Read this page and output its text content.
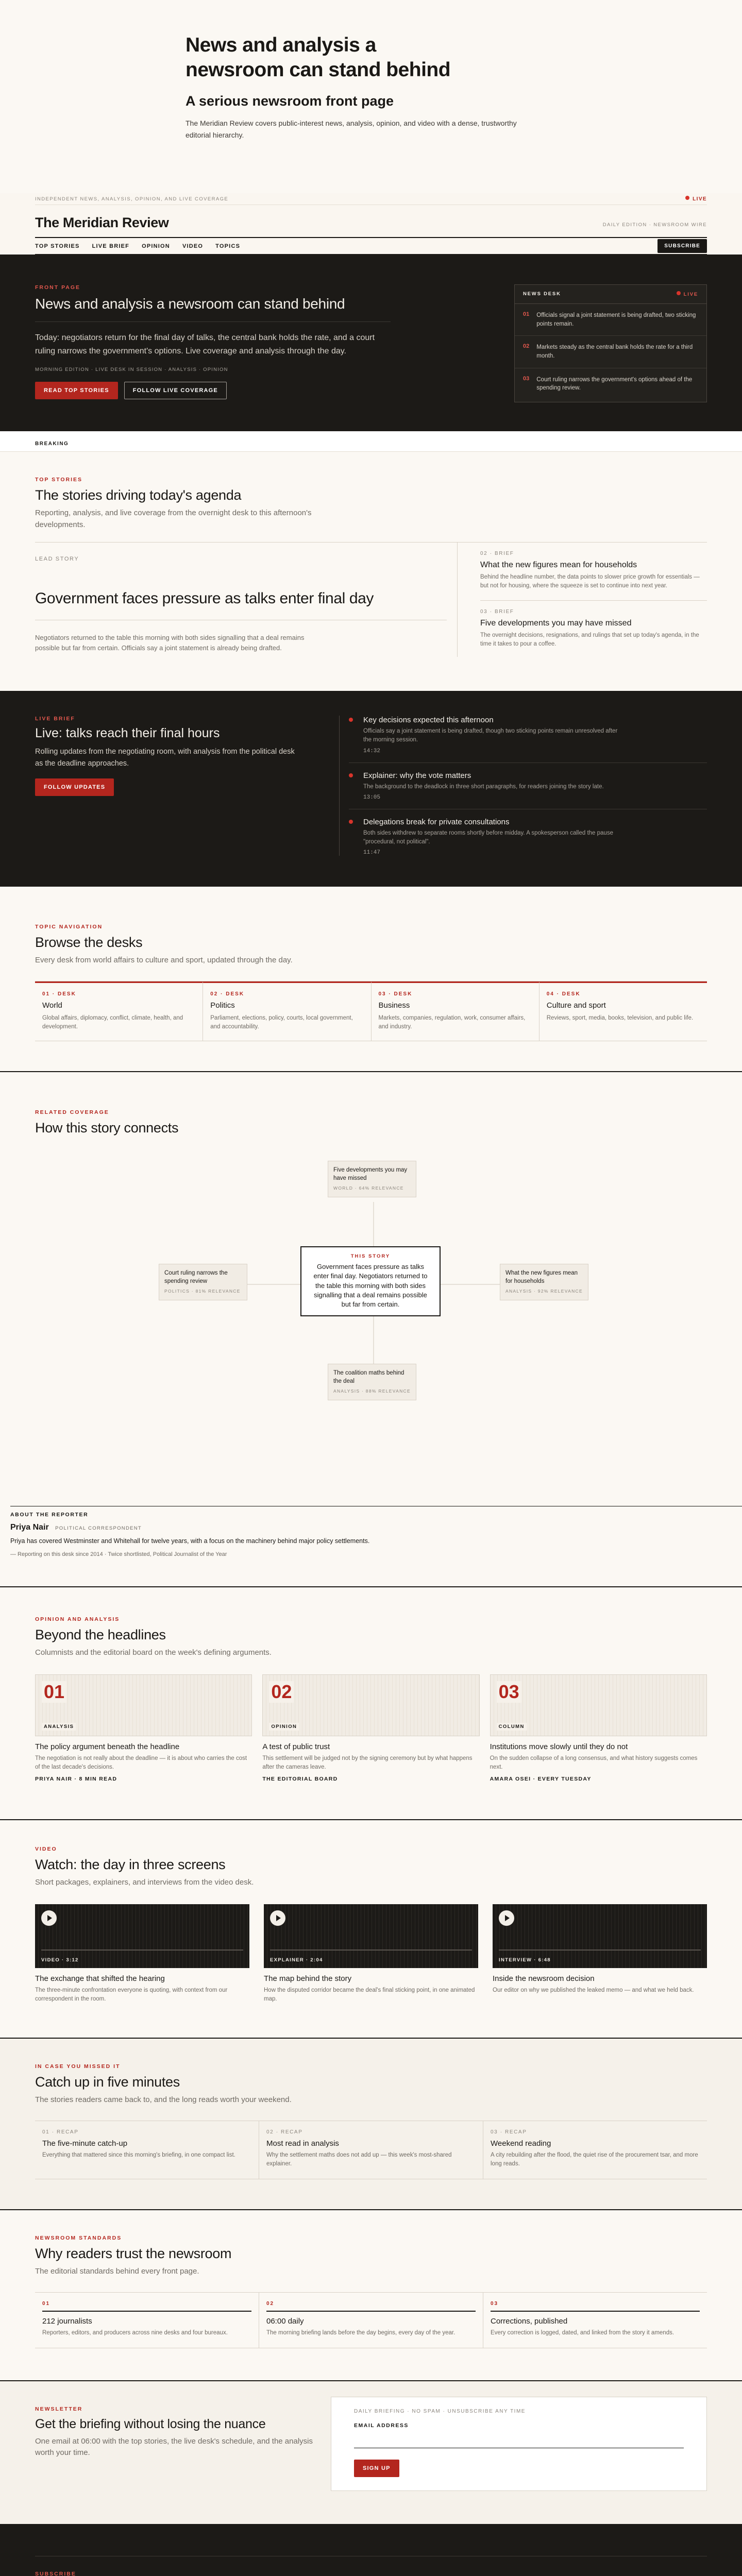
News and analysis a newsroom can stand behind
A serious newsroom front page

The Meridian Review covers public-interest news, analysis, opinion, and video with a dense, trustworthy editorial hierarchy.

INDEPENDENT NEWS, ANALYSIS, OPINION, AND LIVE COVERAGE	LIVE
The Meridian Review	DAILY EDITION · NEWSROOM WIRE
TOP STORIES LIVE BRIEF OPINION VIDEO TOPICS	SUBSCRIBE
FRONT PAGE
News and analysis a newsroom can stand behind

Today: negotiators return for the final day of talks, the central bank holds the rate, and a court ruling narrows the government's options. Live coverage and analysis through the day.

MORNING EDITION · LIVE DESK IN SESSION · ANALYSIS · OPINION
READ TOP STORIES	FOLLOW LIVE COVERAGE
NEWS DESK	LIVE
01 Officials signal a joint statement is being drafted, two sticking points remain.
02 Markets steady as the central bank holds the rate for a third month.
03 Court ruling narrows the government's options ahead of the spending review.
BREAKING
TOP STORIES
The stories driving today's agenda

Reporting, analysis, and live coverage from the overnight desk to this afternoon's developments.

LEAD STORY
Government faces pressure as talks enter final day

Negotiators returned to the table this morning with both sides signalling that a deal remains possible but far from certain. Officials say a joint statement is already being drafted.

02 · BRIEF
What the new figures mean for households

Behind the headline number, the data points to slower price growth for essentials — but not for housing, where the squeeze is set to continue into next year.

03 · BRIEF
Five developments you may have missed

The overnight decisions, resignations, and rulings that set up today's agenda, in the time it takes to pour a coffee.

LIVE BRIEF
Live: talks reach their final hours

Rolling updates from the negotiating room, with analysis from the political desk as the deadline approaches.

FOLLOW UPDATES
Key decisions expected this afternoon

Officials say a joint statement is being drafted, though two sticking points remain unresolved after the morning session.

14:32
Explainer: why the vote matters

The background to the deadlock in three short paragraphs, for readers joining the story late.

13:05
Delegations break for private consultations

Both sides withdrew to separate rooms shortly before midday. A spokesperson called the pause "procedural, not political".

11:47
TOPIC NAVIGATION
Browse the desks

Every desk from world affairs to culture and sport, updated through the day.

01 · DESK
World

Global affairs, diplomacy, conflict, climate, health, and development.

02 · DESK
Politics

Parliament, elections, policy, courts, local government, and accountability.

03 · DESK
Business

Markets, companies, regulation, work, consumer affairs, and industry.

04 · DESK
Culture and sport

Reviews, sport, media, books, television, and public life.

RELATED COVERAGE
How this story connects
Five developments you may have missed
WORLD · 64% RELEVANCE
Court ruling narrows the spending review
POLITICS · 81% RELEVANCE
THIS STORY
Government faces pressure as talks enter final day. Negotiators returned to the table this morning with both sides signalling that a deal remains possible but far from certain.
What the new figures mean for households
ANALYSIS · 92% RELEVANCE
The coalition maths behind the deal
ANALYSIS · 88% RELEVANCE
ABOUT THE REPORTER
Priya Nair POLITICAL CORRESPONDENT

Priya has covered Westminster and Whitehall for twelve years, with a focus on the machinery behind major policy settlements.

— Reporting on this desk since 2014 · Twice shortlisted, Political Journalist of the Year

OPINION AND ANALYSIS
Beyond the headlines

Columnists and the editorial board on the week's defining arguments.

01
ANALYSIS
The policy argument beneath the headline

The negotiation is not really about the deadline — it is about who carries the cost of the last decade's decisions.

PRIYA NAIR · 8 MIN READ
02
OPINION
A test of public trust

This settlement will be judged not by the signing ceremony but by what happens after the cameras leave.

THE EDITORIAL BOARD
03
COLUMN
Institutions move slowly until they do not

On the sudden collapse of a long consensus, and what history suggests comes next.

AMARA OSEI · EVERY TUESDAY
VIDEO
Watch: the day in three screens

Short packages, explainers, and interviews from the video desk.

VIDEO · 3:12
The exchange that shifted the hearing

The three-minute confrontation everyone is quoting, with context from our correspondent in the room.

EXPLAINER · 2:04
The map behind the story

How the disputed corridor became the deal's final sticking point, in one animated map.

INTERVIEW · 6:48
Inside the newsroom decision

Our editor on why we published the leaked memo — and what we held back.

IN CASE YOU MISSED IT
Catch up in five minutes

The stories readers came back to, and the long reads worth your weekend.

01 · RECAP
The five-minute catch-up

Everything that mattered since this morning's briefing, in one compact list.

02 · RECAP
Most read in analysis

Why the settlement maths does not add up — this week's most-shared explainer.

03 · RECAP
Weekend reading

A city rebuilding after the flood, the quiet rise of the procurement tsar, and more long reads.

NEWSROOM STANDARDS
Why readers trust the newsroom

The editorial standards behind every front page.

01
212 journalists

Reporters, editors, and producers across nine desks and four bureaux.

02
06:00 daily

The morning briefing lands before the day begins, every day of the year.

03
Corrections, published

Every correction is logged, dated, and linked from the story it amends.

NEWSLETTER
Get the briefing without losing the nuance

One email at 06:00 with the top stories, the live desk's schedule, and the analysis worth your time.

DAILY BRIEFING · NO SPAM · UNSUBSCRIBE ANY TIME
EMAIL ADDRESS
SIGN UP
SUBSCRIBE
